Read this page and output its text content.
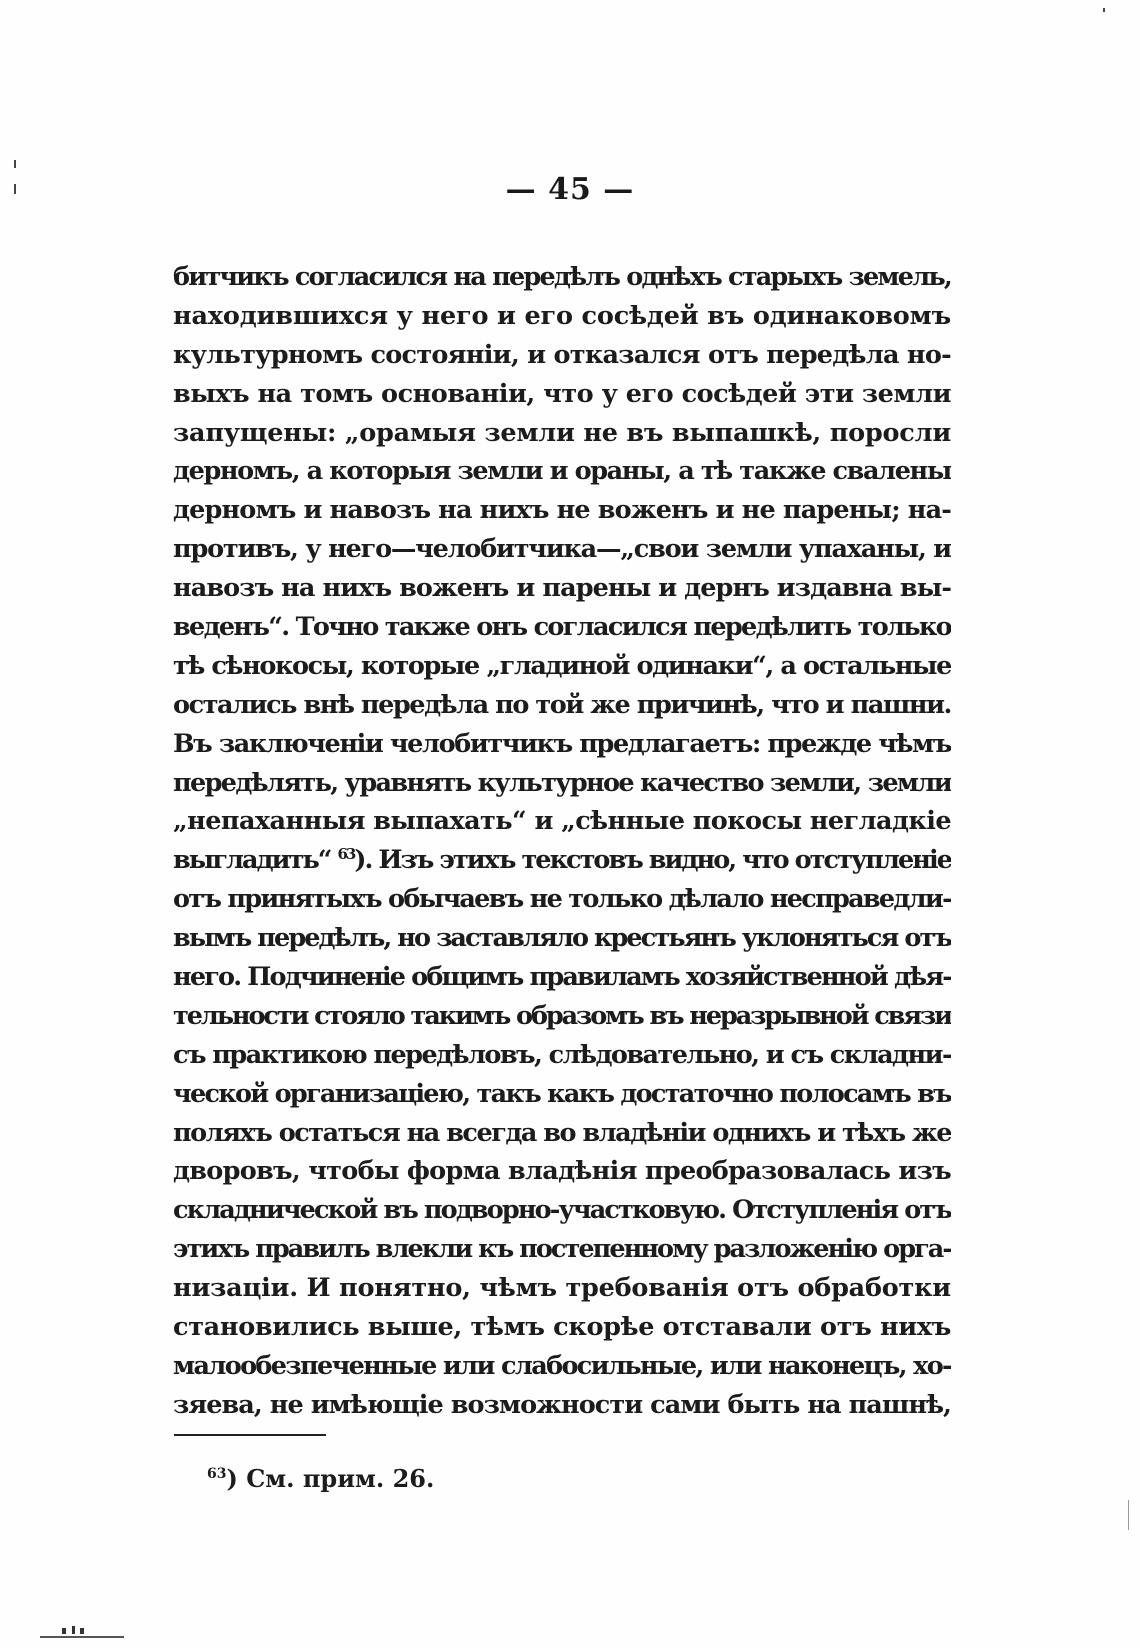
— 45 —
битчикъ согласился на передѣлъ однѣхъ старыхъ земель,
находившихся у него и его сосѣдей въ одинаковомъ
культурномъ состояніи, и отказался отъ передѣла но-
выхъ на томъ основаніи, что у его сосѣдей эти земли
запущены: „орамыя земли не въ выпашкѣ, поросли
дерномъ, а которыя земли и ораны, а тѣ также свалены
дерномъ и навозъ на нихъ не воженъ и не парены; на-
противъ, у него—челобитчика—„свои земли упаханы, и
навозъ на нихъ воженъ и парены и дернъ издавна вы-
веденъ“. Точно также онъ согласился передѣлить только
тѣ сѣнокосы, которые „гладиной одинаки“, а остальные
остались внѣ передѣла по той же причинѣ, что и пашни.
Въ заключеніи челобитчикъ предлагаетъ: прежде чѣмъ
передѣлять, уравнять культурное качество земли, земли
„непаханныя выпахать“ и „сѣнные покосы негладкіе
выгладить“ $^{63}$). Изъ этихъ текстовъ видно, что отступленіе
отъ принятыхъ обычаевъ не только дѣлало несправедли-
вымъ передѣлъ, но заставляло крестьянъ уклоняться отъ
него. Подчиненіе общимъ правиламъ хозяйственной дѣя-
тельности стояло такимъ образомъ въ неразрывной связи
съ практикою передѣловъ, слѣдовательно, и съ складни-
ческой организаціею, такъ какъ достаточно полосамъ въ
поляхъ остаться на всегда во владѣніи однихъ и тѣхъ же
дворовъ, чтобы форма владѣнія преобразовалась изъ
складнической въ подворно-участковую. Отступленія отъ
этихъ правилъ влекли къ постепенному разложенію орга-
низаціи. И понятно, чѣмъ требованія отъ обработки
становились выше, тѣмъ скорѣе отставали отъ нихъ
малообезпеченные или слабосильные, или наконецъ, хо-
зяева, не имѣющіе возможности сами быть на пашнѣ,
$^{63}$) См. прим. 26.
